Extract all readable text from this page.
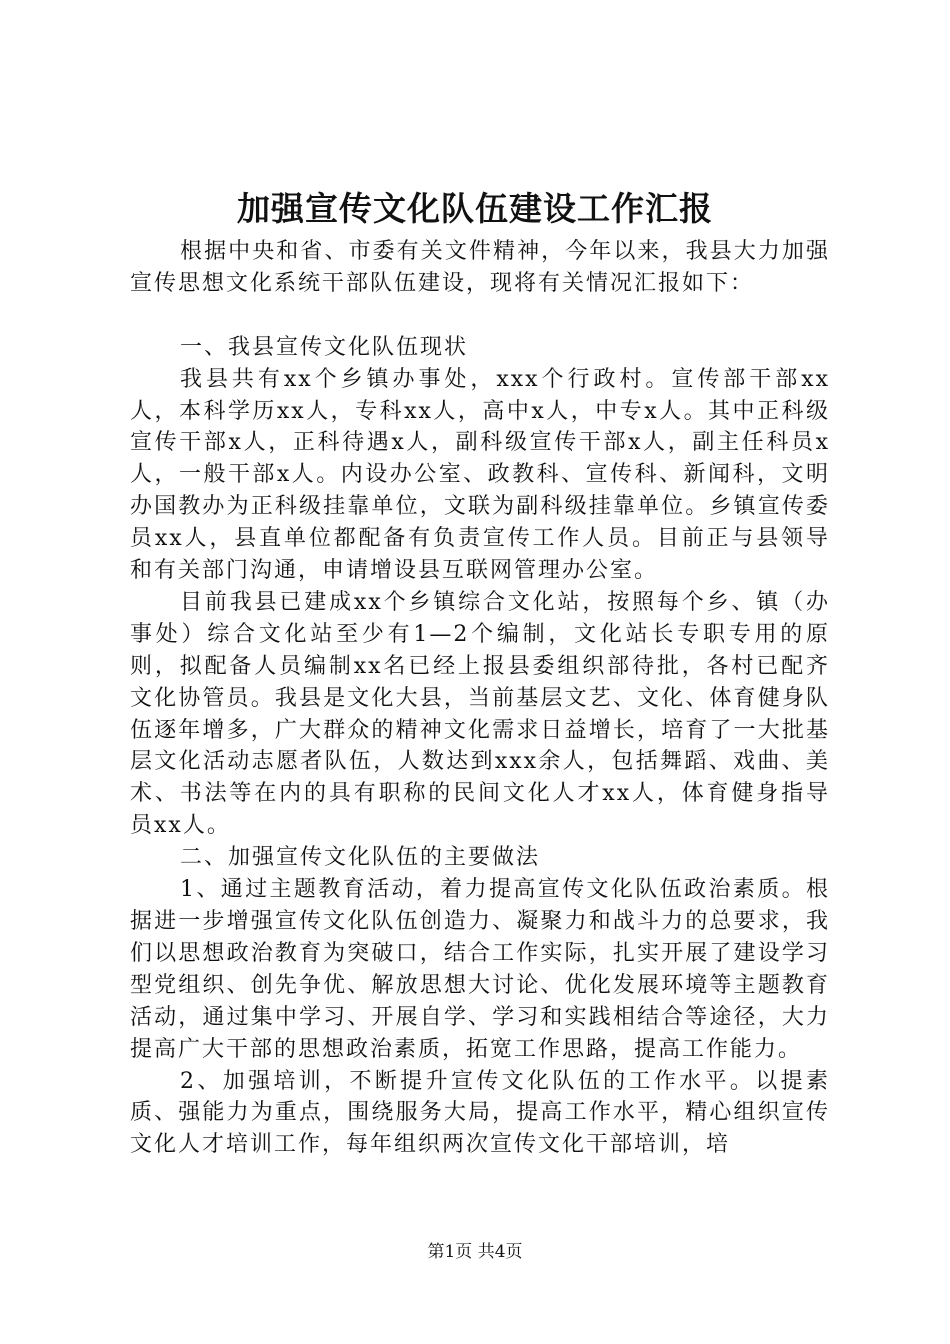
加强宣传文化队伍建设工作汇报

根据中央和省、市委有关文件精神，今年以来，我县大力加强宣传思想文化系统干部队伍建设，现将有关情况汇报如下：

一、我县宣传文化队伍现状

我县共有xx个乡镇办事处，xxx个行政村。宣传部干部xx人，本科学历xx人，专科xx人，高中x人，中专x人。其中正科级宣传干部x人，正科待遇x人，副科级宣传干部x人，副主任科员x人，一般干部x人。内设办公室、政教科、宣传科、新闻科，文明办国教办为正科级挂靠单位，文联为副科级挂靠单位。乡镇宣传委员xx人，县直单位都配备有负责宣传工作人员。目前正与县领导和有关部门沟通，申请增设县互联网管理办公室。

目前我县已建成xx个乡镇综合文化站，按照每个乡、镇（办事处）综合文化站至少有1—2个编制，文化站长专职专用的原则，拟配备人员编制xx名已经上报县委组织部待批，各村已配齐文化协管员。我县是文化大县，当前基层文艺、文化、体育健身队伍逐年增多，广大群众的精神文化需求日益增长，培育了一大批基层文化活动志愿者队伍，人数达到xxx余人，包括舞蹈、戏曲、美术、书法等在内的具有职称的民间文化人才xx人，体育健身指导员xx人。

二、加强宣传文化队伍的主要做法

1、通过主题教育活动，着力提高宣传文化队伍政治素质。根据进一步增强宣传文化队伍创造力、凝聚力和战斗力的总要求，我们以思想政治教育为突破口，结合工作实际，扎实开展了建设学习型党组织、创先争优、解放思想大讨论、优化发展环境等主题教育活动，通过集中学习、开展自学、学习和实践相结合等途径，大力提高广大干部的思想政治素质，拓宽工作思路，提高工作能力。

2、加强培训，不断提升宣传文化队伍的工作水平。以提素质、强能力为重点，围绕服务大局，提高工作水平，精心组织宣传文化人才培训工作，每年组织两次宣传文化干部培训，培

第1页 共4页
